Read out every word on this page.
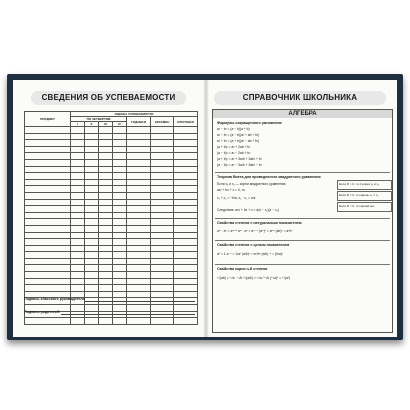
СВЕДЕНИЯ ОБ УСПЕВАЕМОСТИ
ПРЕДМЕТ	ОЦЕНКА УСПЕВАЕМОСТИ						
	ПО ЧЕТВЕРТЯМ				ГОДОВАЯ	ЭКЗАМЕН	ИТОГОВАЯ
	I	II	III	IV			

Подпись классного руководителя
Подпись родителей
СПРАВОЧНИК ШКОЛЬНИКА
АЛГЕБРА
Формулы сокращенного умножения
a² − b² = (a − b)(a + b)
a³ − b³ = (a − b)(a² + ab + b²)
a³ + b³ = (a + b)(a² − ab + b²)
(a + b)² = a² + 2ab + b²
(a − b)² = a² − 2ab + b²
(a + b)³ = a³ + 3a²b + 3ab² + b³
(a − b)³ = a³ − 3a²b + 3ab² − b³
Теорема Виета для приведенного квадратного уравнения
Если x₁ и x₂ — корни квадратного уравнения
ax² + bx + c = 0, то
x₁ + x₂ = −b/a, x₁ · x₂ = c/a
Следствие: ax² + bx + c = a(x − x₁)(x − x₂)
Если D > 0, то 2 корня x₁ и x₂
Если D = 0, то корень x₁ = x₂
Если D < 0, то корней нет
Свойства степени с натуральным показателем
aᵐ · aⁿ = aᵐ⁺ⁿ aᵐ : aⁿ = aᵐ⁻ⁿ (aᵐ)ⁿ = aᵐⁿ (ab)ⁿ = aⁿbⁿ
Свойства степени с целым показателем
a⁰ = 1 a⁻ⁿ = 1/aⁿ (a/b)ⁿ = aⁿ/bⁿ (a/b)⁻ⁿ = (b/a)ⁿ
Свойства корня n-й степени
ⁿ√(ab) = ⁿ√a · ⁿ√b ⁿ√(a/b) = ⁿ√a / ⁿ√b (ⁿ√a)ᵏ = ⁿ√(aᵏ)
